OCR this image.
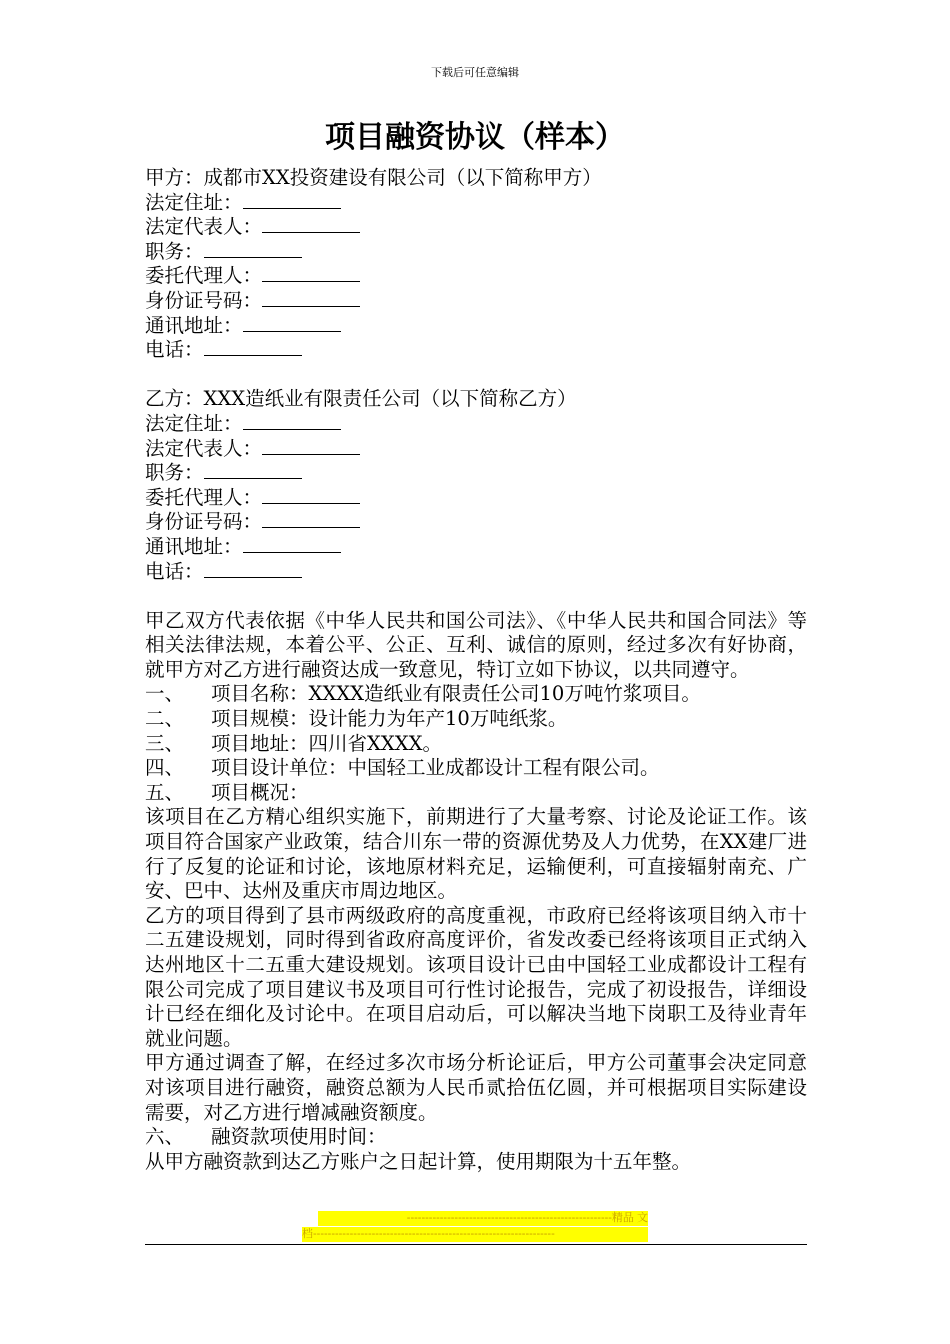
下载后可任意编辑
项目融资协议（样本）
甲方：成都市XX投资建设有限公司（以下简称甲方）
法定住址：
法定代表人：
职务：
委托代理人：
身份证号码：
通讯地址：
电话：
乙方：XXX造纸业有限责任公司（以下简称乙方）
法定住址：
法定代表人：
职务：
委托代理人：
身份证号码：
通讯地址：
电话：
甲乙双方代表依据《中华人民共和国公司法》、《中华人民共和国合同法》等相关法律法规，本着公平、公正、互利、诚信的原则，经过多次有好协商，就甲方对乙方进行融资达成一致意见，特订立如下协议，以共同遵守。
一、 项目名称：XXXX造纸业有限责任公司10万吨竹浆项目。
二、 项目规模：设计能力为年产10万吨纸浆。
三、 项目地址：四川省XXXX。
四、 项目设计单位：中国轻工业成都设计工程有限公司。
五、 项目概况：
该项目在乙方精心组织实施下，前期进行了大量考察、讨论及论证工作。该项目符合国家产业政策，结合川东一带的资源优势及人力优势，在XX建厂进行了反复的论证和讨论，该地原材料充足，运输便利，可直接辐射南充、广安、巴中、达州及重庆市周边地区。
乙方的项目得到了县市两级政府的高度重视，市政府已经将该项目纳入市十二五建设规划，同时得到省政府高度评价，省发改委已经将该项目正式纳入达州地区十二五重大建设规划。该项目设计已由中国轻工业成都设计工程有限公司完成了项目建议书及项目可行性讨论报告，完成了初设报告，详细设计已经在细化及讨论中。在项目启动后，可以解决当地下岗职工及待业青年就业问题。
甲方通过调查了解，在经过多次市场分析论证后，甲方公司董事会决定同意对该项目进行融资，融资总额为人民币贰拾伍亿圆，并可根据项目实际建设需要，对乙方进行增减融资额度。
六、 融资款项使用时间：
从甲方融资款到达乙方账户之日起计算，使用期限为十五年整。
--------------------------------------------------------精品 文
档------------------------------------------------------------------
